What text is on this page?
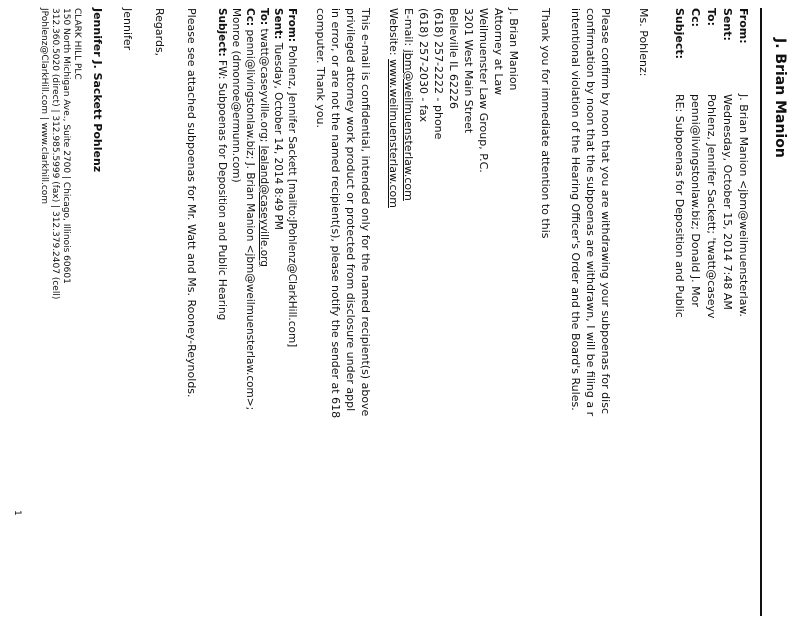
J. Brian Manion
From:
J. Brian Manion <jbm@weilmuensterlaw.
Sent:
Wednesday, October 15, 2014 7:48 AM
To:
Pohlenz, Jennifer Sackett; 'twatt@caseyv
Cc:
penni@livingstonlaw.biz; Donald J. Mor
Subject:
RE: Subpoenas for Deposition and Public
Ms. Pohlenz:
Please confirm by noon that you are withdrawing your subpoenas for disc
confirmation by noon that the subpoenas are withdrawn, I will be filing a r
intentional violation of the Hearing Officer's Order and the Board's Rules.
Thank you for immediate attention to this
J. Brian Manion
Attorney at Law
Weilmuenster Law Group, P.C.
3201 West Main Street
Belleville IL 62226
(618) 257-2222 - phone
(618) 257-2030 - fax
E-mail: jbm@weilmuensterlaw.com
Website: www.weilmuensterlaw.com
This e-mail is confidential, intended only for the named recipient(s) above
privileged attorney work product or protected from disclosure under appl
in error, or are not the named recipient(s), please notify the sender at 618
computer. Thank you.
From: Pohlenz, Jennifer Sackett [mailto:JPohlenz@ClarkHill.com]
Sent: Tuesday, October 14, 2014 8:49 PM
To: twatt@caseyville.org; lealand@caseyville.org
Cc: penni@livingstonlaw.biz; J. Brian Manion <jbm@weilmuensterlaw.com>;
Monroe (dmonroe@ermunn.com)
Subject: FW: Subpoenas for Deposition and Public Hearing
Please see attached subpoenas for Mr. Watt and Ms. Rooney-Reynolds.
Regards,
Jennifer
Jennifer J. Sackett Pohlenz
CLARK HILL PLC
150 North Michigan Ave., Suite 2700 | Chicago, Illinois 60601
312.360.5020 (direct) | 312.985.5999 (fax) | 312.379.2407 (cell)
JPohlenz@ClarkHill.com | www.clarkhill.com
1
